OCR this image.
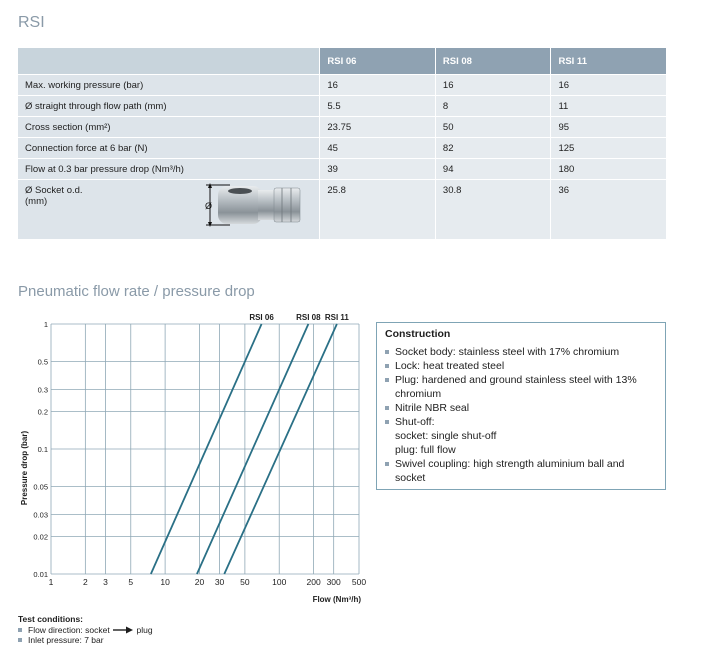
RSI
	RSI 06	RSI 08	RSI 11
Max. working pressure (bar)	16	16	16
Ø straight through flow path (mm)	5.5	8	11
Cross section (mm²)	23.75	50	95
Connection force at 6 bar (N)	45	82	125
Flow at 0.3 bar pressure drop (Nm³/h)	39	94	180

Ø Socket o.d.
(mm) Ø	25.8	30.8	36
Pneumatic flow rate / pressure drop
1	2 3 5	10	20 30 50	100 200 300 500
0.01
0.02
0.03
0.05
0.1
0.2
0.3
0.5
1
RSI 06	RSI 08 RSI 11
Pressure drop (bar)
Flow (Nm³/h)
Construction
Socket body: stainless steel with 17% chromium
Lock: heat treated steel
Plug: hardened and ground stainless steel with 13% chromium
Nitrile NBR seal
Shut-off:
socket: single shut-off
plug: full flow
Swivel coupling: high strength aluminium ball and socket
Test conditions:
Flow direction: socket	plug
Inlet pressure: 7 bar
